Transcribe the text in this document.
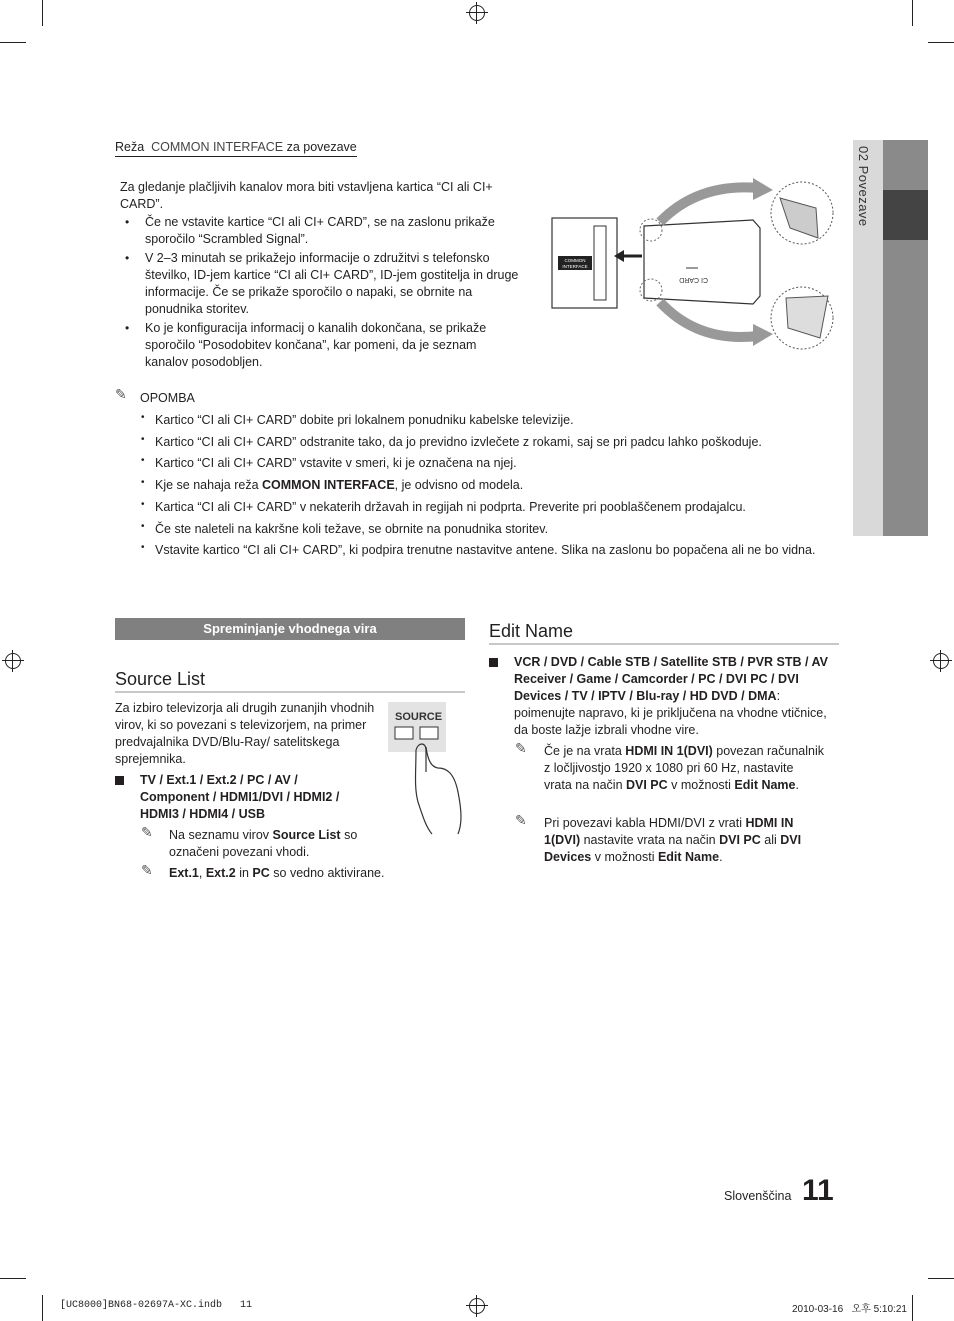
02 Povezave
Reža COMMON INTERFACE za povezave
Za gledanje plačljivih kanalov mora biti vstavljena kartica “CI ali CI+ CARD”.
• Če ne vstavite kartice “CI ali CI+ CARD”, se na zaslonu prikaže sporočilo “Scrambled Signal”.
• V 2–3 minutah se prikažejo informacije o združitvi s telefonsko številko, ID-jem kartice “CI ali CI+ CARD”, ID-jem gostitelja in druge informacije. Če se prikaže sporočilo o napaki, se obrnite na ponudnika storitev.
• Ko je konfiguracija informacij o kanalih dokončana, se prikaže sporočilo “Posodobitev končana”, kar pomeni, da je seznam kanalov posodobljen.
COMMON
INTERFACE
CI CARD
✎ OPOMBA
• Kartico “CI ali CI+ CARD” dobite pri lokalnem ponudniku kabelske televizije.
• Kartico “CI ali CI+ CARD” odstranite tako, da jo previdno izvlečete z rokami, saj se pri padcu lahko poškoduje.
• Kartico “CI ali CI+ CARD” vstavite v smeri, ki je označena na njej.
• Kje se nahaja reža COMMON INTERFACE, je odvisno od modela.
• Kartica “CI ali CI+ CARD” v nekaterih državah in regijah ni podprta. Preverite pri pooblaščenem prodajalcu.
• Če ste naleteli na kakršne koli težave, se obrnite na ponudnika storitev.
• Vstavite kartico “CI ali CI+ CARD”, ki podpira trenutne nastavitve antene. Slika na zaslonu bo popačena ali ne bo vidna.
Spreminjanje vhodnega vira
Source List
Za izbiro televizorja ali drugih zunanjih vhodnih virov, ki so povezani s televizorjem, na primer predvajalnika DVD/Blu-Ray/ satelitskega sprejemnika.
SOURCE
TV / Ext.1 / Ext.2 / PC / AV / Component / HDMI1/DVI / HDMI2 / HDMI3 / HDMI4 / USB
✎ Na seznamu virov Source List so označeni povezani vhodi.
✎ Ext.1, Ext.2 in PC so vedno aktivirane.
Edit Name
VCR / DVD / Cable STB / Satellite STB / PVR STB / AV Receiver / Game / Camcorder / PC / DVI PC / DVI Devices / TV / IPTV / Blu-ray / HD DVD / DMA: poimenujte napravo, ki je priključena na vhodne vtičnice, da boste lažje izbrali vhodne vire.
✎ Če je na vrata HDMI IN 1(DVI) povezan računalnik z ločljivostjo 1920 x 1080 pri 60 Hz, nastavite vrata na način DVI PC v možnosti Edit Name.
✎ Pri povezavi kabla HDMI/DVI z vrati HDMI IN 1(DVI) nastavite vrata na način DVI PC ali DVI Devices v možnosti Edit Name.
Slovenščina 11
[UC8000]BN68-02697A-XC.indb   11	2010-03-16   오후 5:10:21
